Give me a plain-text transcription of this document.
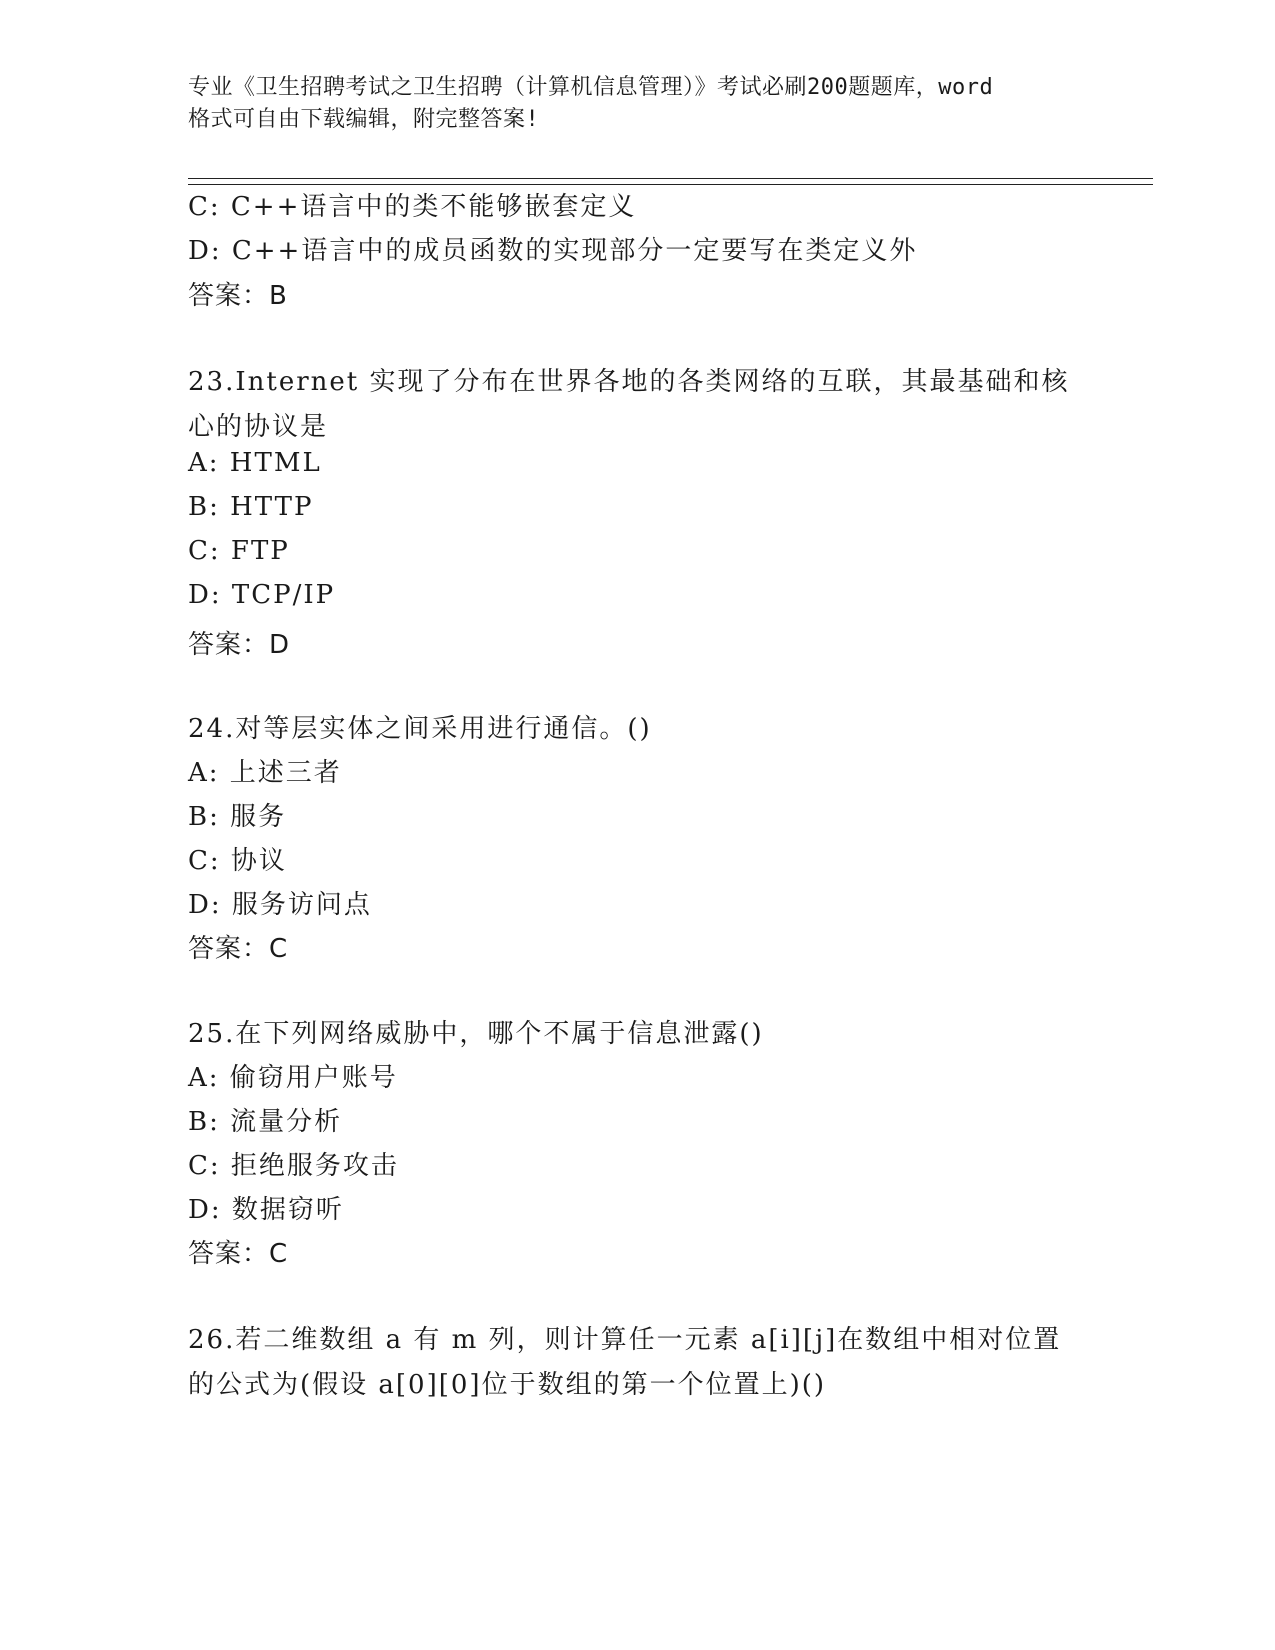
专业《卫生招聘考试之卫生招聘（计算机信息管理）》考试必刷200题题库，word
格式可自由下载编辑，附完整答案!
C: C++语言中的类不能够嵌套定义
D: C++语言中的成员函数的实现部分一定要写在类定义外
答案：B
23.Internet 实现了分布在世界各地的各类网络的互联，其最基础和核心的协议是
A: HTML
B: HTTP
C: FTP
D: TCP/IP
答案：D
24.对等层实体之间采用进行通信。()
A: 上述三者
B: 服务
C: 协议
D: 服务访问点
答案：C
25.在下列网络威胁中，哪个不属于信息泄露()
A: 偷窃用户账号
B: 流量分析
C: 拒绝服务攻击
D: 数据窃听
答案：C
26.若二维数组 a 有 m 列，则计算任一元素 a[i][j]在数组中相对位置的公式为(假设 a[0][0]位于数组的第一个位置上)()
